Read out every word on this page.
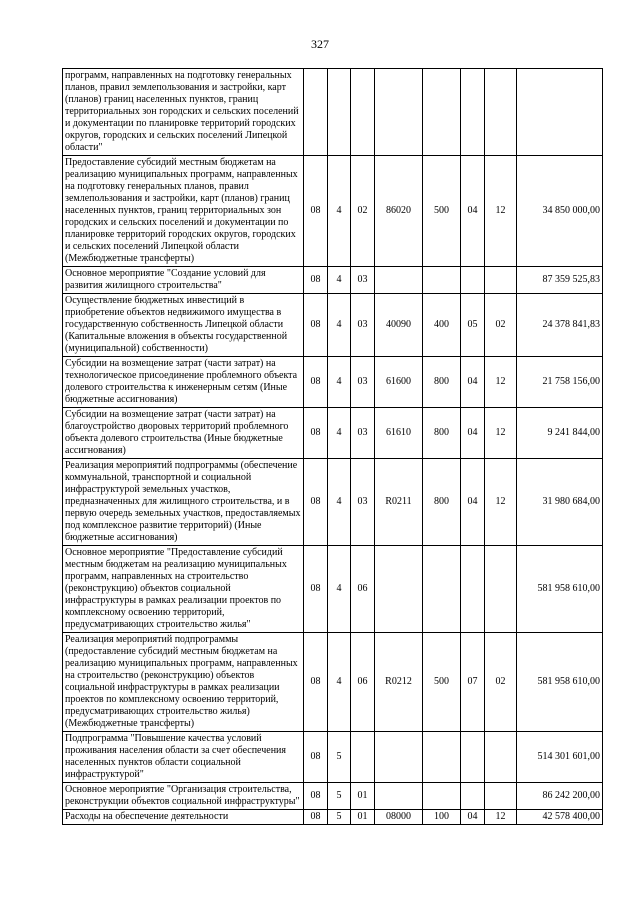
327
программ, направленных на подготовку генеральных планов, правил землепользования и застройки, карт (планов) границ населенных пунктов, границ территориальных зон городских и сельских поселений и документации по планировке территорий городских округов, городских и сельских поселений Липецкой области"								
Предоставление субсидий местным бюджетам на реализацию муниципальных программ, направленных на подготовку генеральных планов, правил землепользования и застройки, карт (планов) границ населенных пунктов, границ территориальных зон городских и сельских поселений и документации по планировке территорий городских округов, городских и сельских поселений Липецкой области (Межбюджетные трансферты)	08	4	02	86020	500	04	12	34 850 000,00
Основное мероприятие "Создание условий для развития жилищного строительства"	08	4	03					87 359 525,83
Осуществление бюджетных инвестиций в приобретение объектов недвижимого имущества в государственную собственность Липецкой области (Капитальные вложения в объекты государственной (муниципальной) собственности)	08	4	03	40090	400	05	02	24 378 841,83
Субсидии на возмещение затрат (части затрат) на технологическое присоединение проблемного объекта долевого строительства к инженерным сетям (Иные бюджетные ассигнования)	08	4	03	61600	800	04	12	21 758 156,00
Субсидии на возмещение затрат (части затрат) на благоустройство дворовых территорий проблемного объекта долевого строительства (Иные бюджетные ассигнования)	08	4	03	61610	800	04	12	9 241 844,00
Реализация мероприятий подпрограммы (обеспечение коммунальной, транспортной и социальной инфраструктурой земельных участков, предназначенных для жилищного строительства, и в первую очередь земельных участков, предоставляемых под комплексное развитие территорий) (Иные бюджетные ассигнования)	08	4	03	R0211	800	04	12	31 980 684,00
Основное мероприятие "Предоставление субсидий местным бюджетам на реализацию муниципальных программ, направленных на строительство (реконструкцию) объектов социальной инфраструктуры в рамках реализации проектов по комплексному освоению территорий, предусматривающих строительство жилья"	08	4	06					581 958 610,00
Реализация мероприятий подпрограммы (предоставление субсидий местным бюджетам на реализацию муниципальных программ, направленных на строительство (реконструкцию) объектов социальной инфраструктуры в рамках реализации проектов по комплексному освоению территорий, предусматривающих строительство жилья) (Межбюджетные трансферты)	08	4	06	R0212	500	07	02	581 958 610,00
Подпрограмма "Повышение качества условий проживания населения области за счет обеспечения населенных пунктов области социальной инфраструктурой"	08	5						514 301 601,00
Основное мероприятие "Организация строительства, реконструкции объектов социальной инфраструктуры"	08	5	01					86 242 200,00
Расходы на обеспечение деятельности	08	5	01	08000	100	04	12	42 578 400,00
